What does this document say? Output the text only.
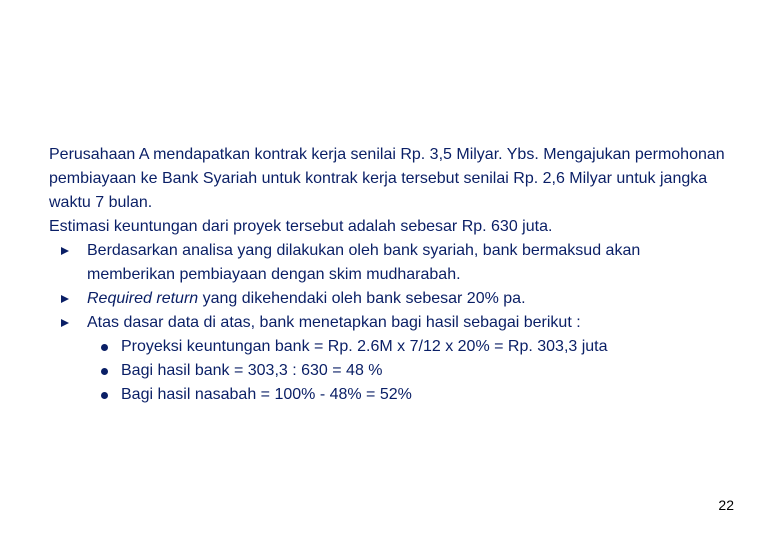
Perusahaan A mendapatkan kontrak kerja senilai Rp. 3,5 Milyar. Ybs. Mengajukan permohonan pembiayaan ke Bank Syariah untuk kontrak kerja tersebut senilai Rp. 2,6 Milyar untuk jangka waktu 7 bulan.

Estimasi keuntungan dari proyek tersebut adalah sebesar Rp. 630 juta.

Berdasarkan analisa yang dilakukan oleh bank syariah, bank bermaksud akan memberikan pembiayaan dengan skim mudharabah.
Required return yang dikehendaki oleh bank sebesar 20% pa.
Atas dasar data di atas, bank menetapkan bagi hasil sebagai berikut :
Proyeksi keuntungan bank = Rp. 2.6M x 7/12 x 20% = Rp. 303,3 juta
Bagi hasil bank = 303,3 : 630 = 48 %
Bagi hasil nasabah = 100% - 48% = 52%
22
